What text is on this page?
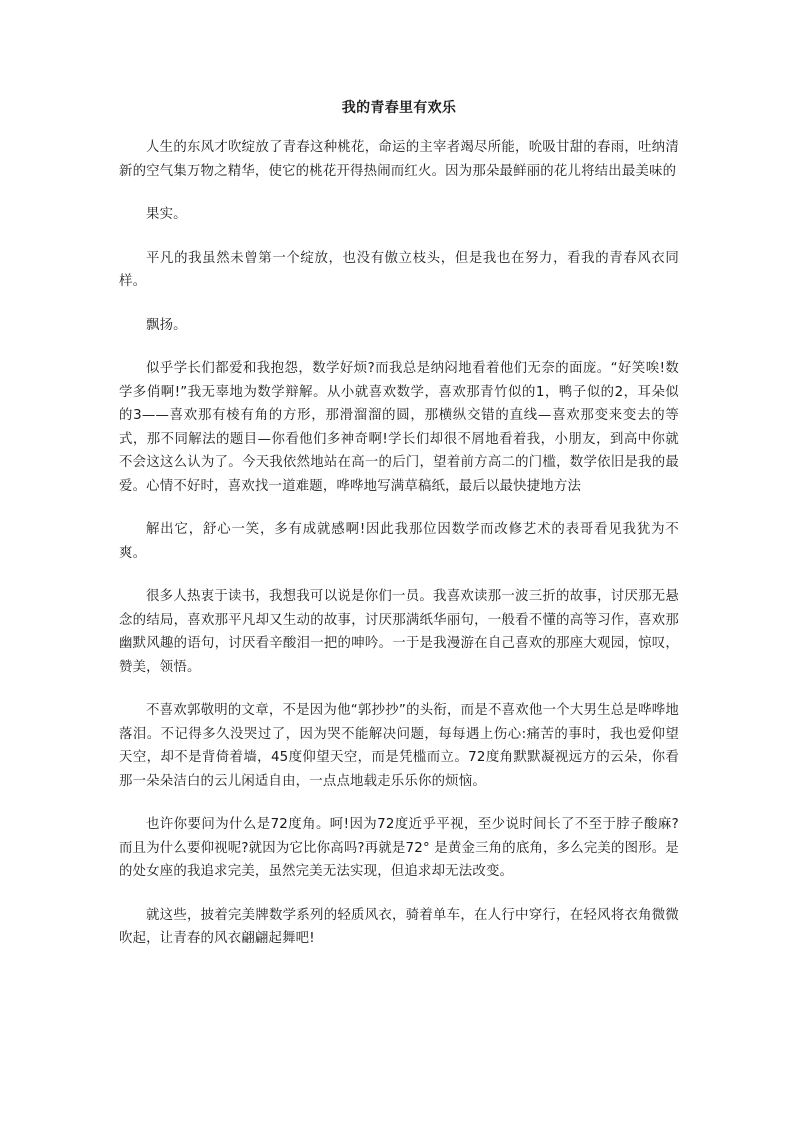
我的青春里有欢乐

人生的东风才吹绽放了青春这种桃花，命运的主宰者竭尽所能，吮吸甘甜的春雨，吐纳清新的空气集万物之精华，使它的桃花开得热闹而红火。因为那朵最鲜丽的花儿将结出最美味的

果实。

平凡的我虽然未曾第一个绽放，也没有傲立枝头，但是我也在努力，看我的青春风衣同样。

飘扬。

似乎学长们都爱和我抱怨，数学好烦?而我总是纳闷地看着他们无奈的面庞。“好笑唉!数学多俏啊!”我无辜地为数学辩解。从小就喜欢数学，喜欢那青竹似的1，鸭子似的2，耳朵似的3——喜欢那有棱有角的方形，那滑溜溜的圆，那横纵交错的直线—喜欢那变来变去的等式，那不同解法的题目—你看他们多神奇啊!学长们却很不屑地看着我，小朋友，到高中你就不会这这么认为了。今天我依然地站在高一的后门，望着前方高二的门槛，数学依旧是我的最爱。心情不好时，喜欢找一道难题，哗哗地写满草稿纸，最后以最快捷地方法

解出它，舒心一笑，多有成就感啊!因此我那位因数学而改修艺术的表哥看见我犹为不爽。

很多人热衷于读书，我想我可以说是你们一员。我喜欢读那一波三折的故事，讨厌那无悬念的结局，喜欢那平凡却又生动的故事，讨厌那满纸华丽句，一般看不懂的高等习作，喜欢那幽默风趣的语句，讨厌看辛酸泪一把的呻吟。一于是我漫游在自己喜欢的那座大观园，惊叹，赞美，领悟。

不喜欢郭敬明的文章，不是因为他“郭抄抄”的头衔，而是不喜欢他一个大男生总是哗哗地落泪。不记得多久没哭过了，因为哭不能解决问题，每每遇上伤心:痛苦的事时，我也爱仰望天空，却不是背倚着墙，45度仰望天空，而是凭槛而立。72度角默默凝视远方的云朵，你看那一朵朵洁白的云儿闲适自由，一点点地载走乐乐你的烦恼。

也许你要问为什么是72度角。呵!因为72度近乎平视，至少说时间长了不至于脖子酸麻?而且为什么要仰视呢?就因为它比你高吗?再就是72° 是黄金三角的底角，多么完美的图形。是的处女座的我追求完美，虽然完美无法实现，但追求却无法改变。

就这些，披着完美牌数学系列的轻质风衣，骑着单车，在人行中穿行，在轻风将衣角微微吹起，让青春的风衣翩翩起舞吧!
